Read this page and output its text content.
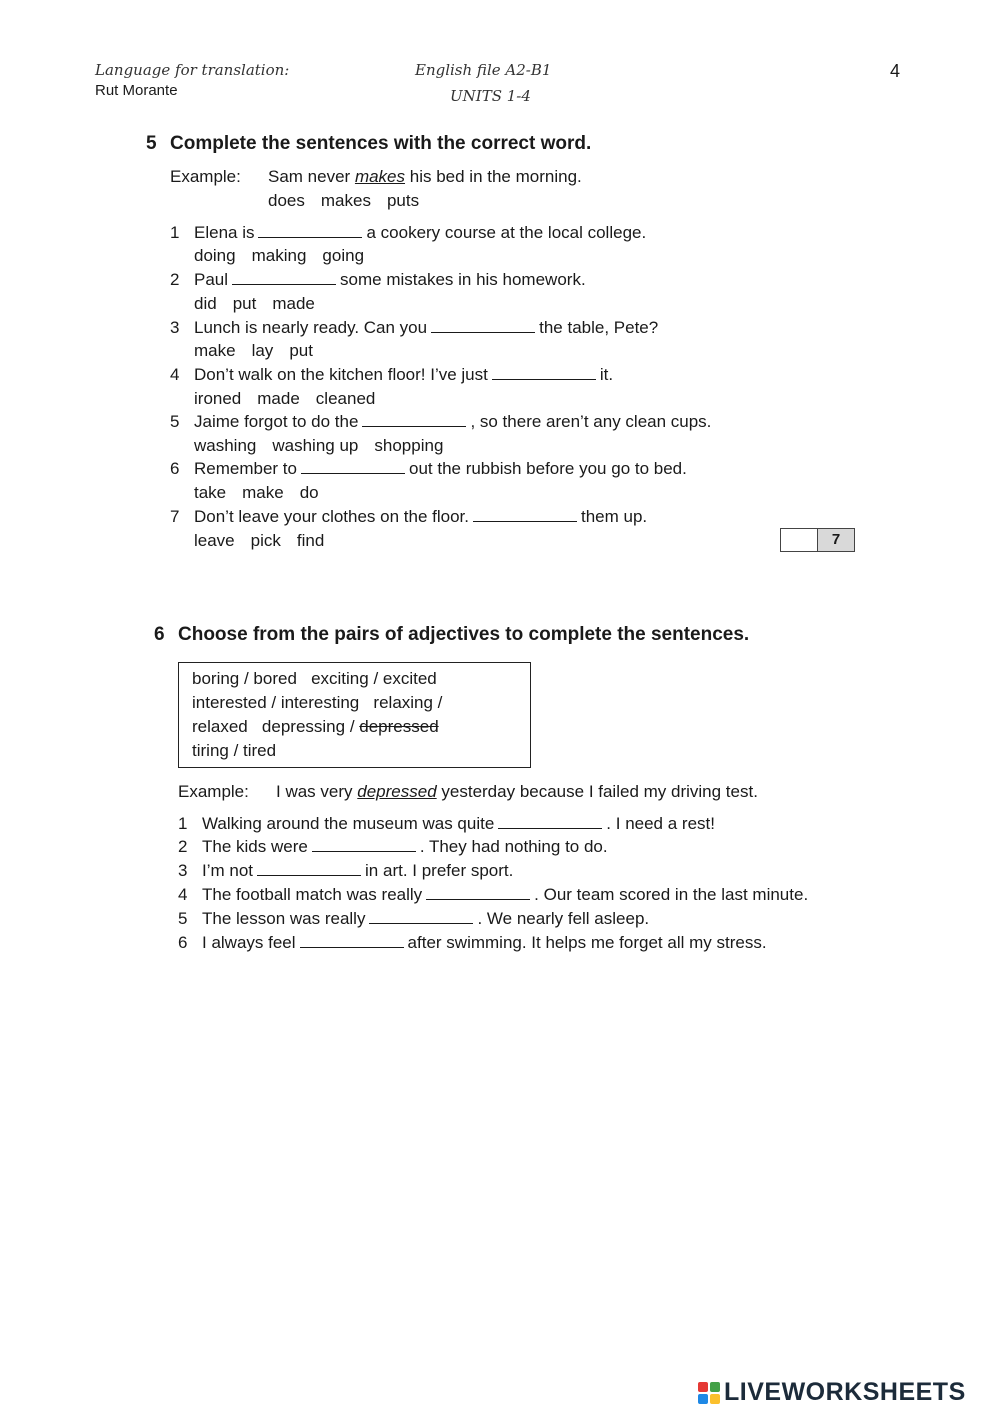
Language for translation:
Rut Morante
English file A2-B1
UNITS 1-4
4
5 Complete the sentences with the correct word.
Example: Sam never makes his bed in the morning.
does makes puts
1 Elena is	a cookery course at the local college.
doing making going
2 Paul	some mistakes in his homework.
did put made
3 Lunch is nearly ready. Can you	the table, Pete?
make lay put
4 Don’t walk on the kitchen floor! I’ve just	it.
ironed made cleaned
5 Jaime forgot to do the	, so there aren’t any clean cups.
washing washing up shopping
6 Remember to	out the rubbish before you go to bed.
take make do
7 Don’t leave your clothes on the floor.	them up.
leave pick find	7
6 Choose from the pairs of adjectives to complete the sentences.
boring / bored   exciting / excited
interested / interesting   relaxing /
relaxed   depressing / depressed
tiring / tired
Example: I was very depressed yesterday because I failed my driving test.
1 Walking around the museum was quite	. I need a rest!
2 The kids were	. They had nothing to do.
3 I’m not	in art. I prefer sport.
4 The football match was really	. Our team scored in the last minute.
5 The lesson was really	. We nearly fell asleep.
6 I always feel	after swimming. It helps me forget all my stress.
LIVEWORKSHEETS
